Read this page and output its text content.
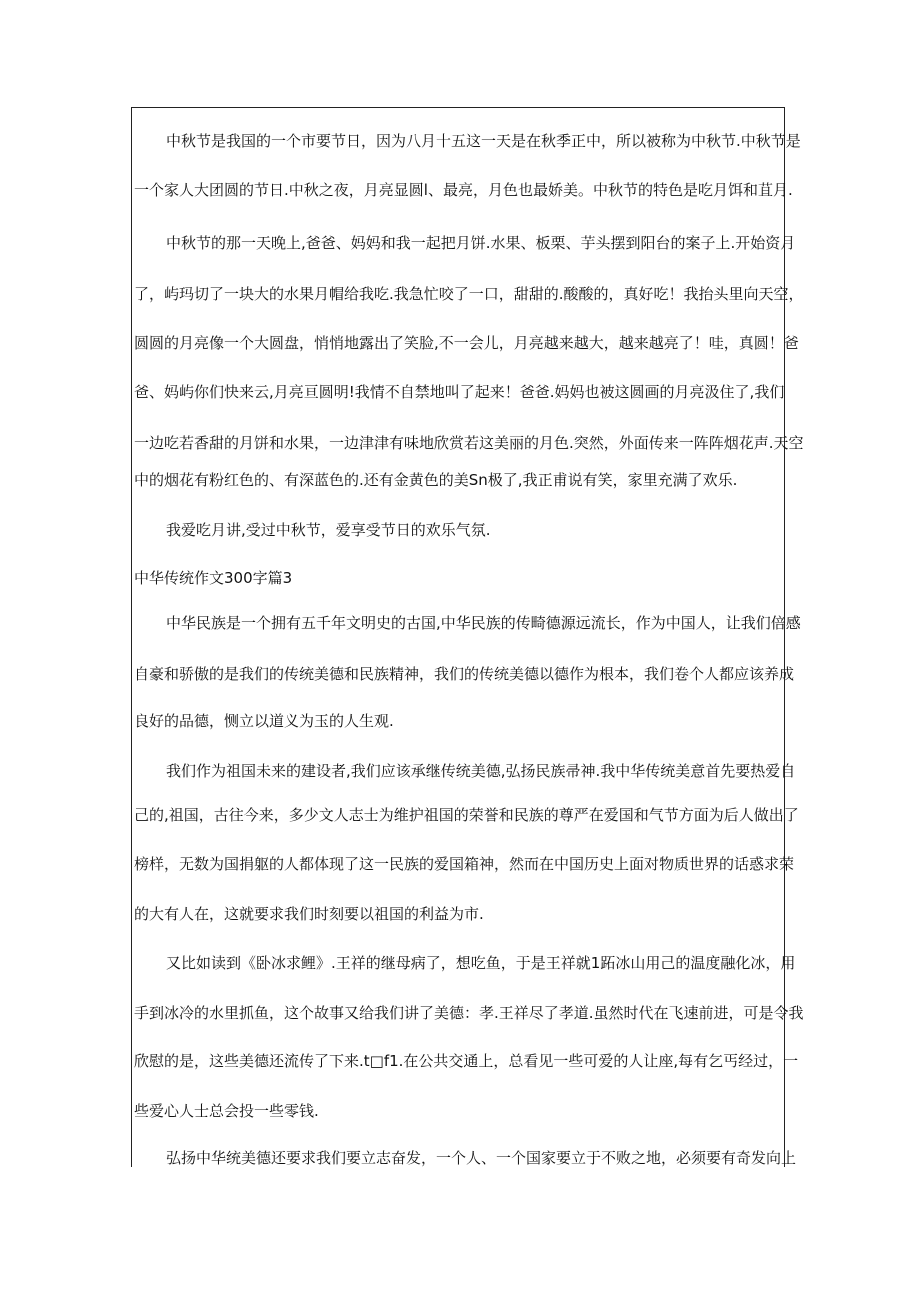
中秋节是我国的一个市要节日，因为八月十五这一天是在秋季正中，所以被称为中秋节.中秋节是
一个家人大团圆的节日.中秋之夜，月亮显圆l、最亮，月色也最娇美。中秋节的特色是吃月饵和苴月.
中秋节的那一天晚上,爸爸、妈妈和我一起把月饼.水果、板栗、芋头摆到阳台的案子上.开始资月
了，屿玛切了一块大的水果月帽给我吃.我急忙咬了一口，甜甜的.酸酸的，真好吃！我抬头里向天空，
圆圆的月亮像一个大圆盘，悄悄地露出了笑脸,不一会儿，月亮越来越大，越来越亮了！哇，真圆！爸
爸、妈屿你们快来云,月亮亘圆明!我情不自禁地叫了起来！爸爸.妈妈也被这圆画的月亮汲住了,我们
一边吃若香甜的月饼和水果，一边津津有味地欣赏若这美丽的月色.突然，外面传来一阵阵烟花声.天空
中的烟花有粉红色的、有深蓝色的.还有金黄色的美Sn极了,我正甫说有笑，家里充满了欢乐.
我爱吃月讲,受过中秋节，爱享受节日的欢乐气氛.
中华传统作文300字篇3
中华民族是一个拥有五千年文明史的古国,中华民族的传畸德源远流长，作为中国人，让我们倍感
自豪和骄傲的是我们的传统美德和民族精神，我们的传统美德以德作为根本，我们卷个人都应该养成
良好的品德，恻立以道义为玉的人生观.
我们作为祖国未来的建设者,我们应该承继传统美德,弘扬民族帚神.我中华传统美意首先要热爱自
己的,祖国，古往今来，多少文人志士为维护祖国的荣誉和民族的尊严在爱国和气节方面为后人做出了
榜样，无数为国捐躯的人都体现了这一民族的爱国箱神，然而在中国历史上面对物质世界的话惑求荣
的大有人在，这就要求我们时刻要以祖国的利益为市.
又比如读到《卧冰求鲤》.王祥的继母病了，想吃鱼，于是王祥就1跖冰山用己的温度融化冰，用
手到冰冷的水里抓鱼，这个故事又给我们讲了美德：孝.王祥尽了孝道.虽然时代在飞速前进，可是令我
欣慰的是，这些美德还流传了下来.t□f1.在公共交通上，总看见一些可爱的人让座,每有乞丐经过，一
些爱心人士总会投一些零钱.
弘扬中华统美德还要求我们要立志奋发，一个人、一个国家要立于不败之地，必须要有奇发向上
